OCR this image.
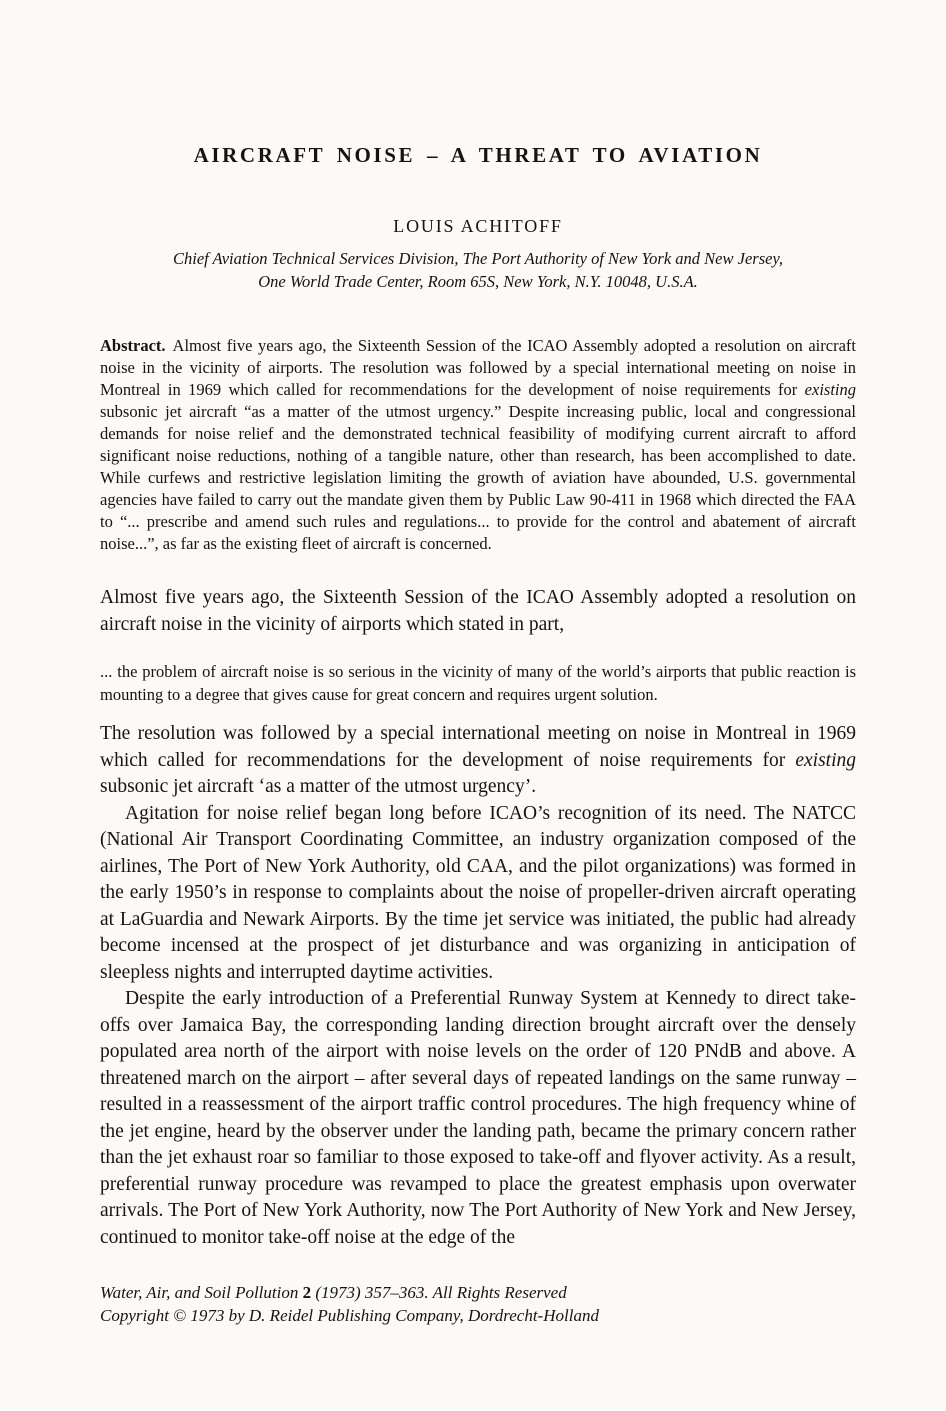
AIRCRAFT NOISE – A THREAT TO AVIATION
LOUIS ACHITOFF
Chief Aviation Technical Services Division, The Port Authority of New York and New Jersey,
One World Trade Center, Room 65S, New York, N.Y. 10048, U.S.A.

Abstract. Almost five years ago, the Sixteenth Session of the ICAO Assembly adopted a resolution on aircraft noise in the vicinity of airports. The resolution was followed by a special international meeting on noise in Montreal in 1969 which called for recommendations for the development of noise requirements for existing subsonic jet aircraft “as a matter of the utmost urgency.” Despite increasing public, local and congressional demands for noise relief and the demonstrated technical feasibility of modifying current aircraft to afford significant noise reductions, nothing of a tangible nature, other than research, has been accomplished to date. While curfews and restrictive legislation limiting the growth of aviation have abounded, U.S. governmental agencies have failed to carry out the mandate given them by Public Law 90-411 in 1968 which directed the FAA to “... prescribe and amend such rules and regulations... to provide for the control and abatement of aircraft noise...”, as far as the existing fleet of aircraft is concerned.

Almost five years ago, the Sixteenth Session of the ICAO Assembly adopted a resolution on aircraft noise in the vicinity of airports which stated in part,

... the problem of aircraft noise is so serious in the vicinity of many of the world’s airports that public reaction is mounting to a degree that gives cause for great concern and requires urgent solution.

The resolution was followed by a special international meeting on noise in Montreal in 1969 which called for recommendations for the development of noise requirements for existing subsonic jet aircraft ‘as a matter of the utmost urgency’.

Agitation for noise relief began long before ICAO’s recognition of its need. The NATCC (National Air Transport Coordinating Committee, an industry organization composed of the airlines, The Port of New York Authority, old CAA, and the pilot organizations) was formed in the early 1950’s in response to complaints about the noise of propeller-driven aircraft operating at LaGuardia and Newark Airports. By the time jet service was initiated, the public had already become incensed at the prospect of jet disturbance and was organizing in anticipation of sleepless nights and interrupted daytime activities.

Despite the early introduction of a Preferential Runway System at Kennedy to direct take-offs over Jamaica Bay, the corresponding landing direction brought aircraft over the densely populated area north of the airport with noise levels on the order of 120 PNdB and above. A threatened march on the airport – after several days of repeated landings on the same runway – resulted in a reassessment of the airport traffic control procedures. The high frequency whine of the jet engine, heard by the observer under the landing path, became the primary concern rather than the jet exhaust roar so familiar to those exposed to take-off and flyover activity. As a result, preferential runway procedure was revamped to place the greatest emphasis upon overwater arrivals. The Port of New York Authority, now The Port Authority of New York and New Jersey, continued to monitor take-off noise at the edge of the

Water, Air, and Soil Pollution 2 (1973) 357–363. All Rights Reserved
Copyright © 1973 by D. Reidel Publishing Company, Dordrecht-Holland
